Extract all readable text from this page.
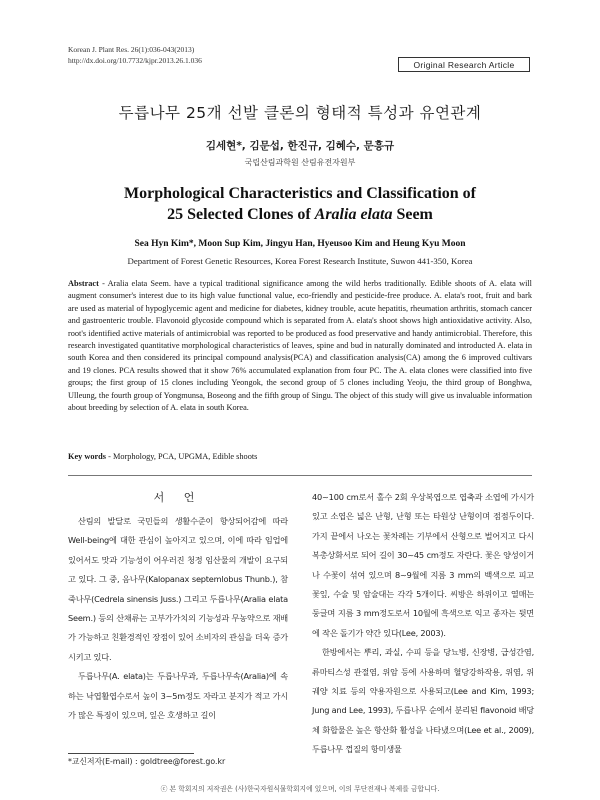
Korean J. Plant Res. 26(1):036-043(2013)
http://dx.doi.org/10.7732/kjpr.2013.26.1.036	Original Research Article
두릅나무 25개 선발 클론의 형태적 특성과 유연관계
김세현*, 김문섭, 한진규, 김혜수, 문흥규
국립산림과학원 산림유전자원부
Morphological Characteristics and Classification of
25 Selected Clones of Aralia elata Seem
Sea Hyn Kim*, Moon Sup Kim, Jingyu Han, Hyeusoo Kim and Heung Kyu Moon
Department of Forest Genetic Resources, Korea Forest Research Institute, Suwon 441-350, Korea
Abstract - Aralia elata Seem. have a typical traditional significance among the wild herbs traditionally. Edible shoots of A. elata will augment consumer's interest due to its high value functional value, eco-friendly and pesticide-free produce. A. elata's root, fruit and bark are used as material of hypoglycemic agent and medicine for diabetes, kidney trouble, acute hepatitis, rheumation arthritis, stomach cancer and gastroenteric trouble. Flavonoid glycoside compound which is separated from A. elata's shoot shows high antioxidative activity. Also, root's identified active materials of antimicrobial was reported to be produced as food preservative and handy antimicrobial. Therefore, this research investigated quantitative morphological characteristics of leaves, spine and bud in naturally dominated and introducted A. elata in south Korea and then considered its principal compound analysis(PCA) and classification analysis(CA) among the 6 improved cultivars and 19 clones. PCA results showed that it show 76% accumulated explanation from four PC. The A. elata clones were classified into five groups; the first group of 15 clones including Yeongok, the second group of 5 clones including Yeoju, the third group of Bonghwa, Ulleung, the fourth group of Yongmunsa, Boseong and the fifth group of Singu. The object of this study will give us invaluable information about breeding by selection of A. elata in south Korea.
Key words - Morphology, PCA, UPGMA, Edible shoots
서 언

산림의 발달로 국민들의 생활수준이 향상되어감에 따라 Well-being에 대한 관심이 높아지고 있으며, 이에 따라 임업에 있어서도 맛과 기능성이 어우러진 청정 임산물의 개발이 요구되고 있다. 그 중, 음나무(Kalopanax septemlobus Thunb.), 참죽나무(Cedrela sinensis Juss.) 그리고 두릅나무(Aralia elata Seem.) 등의 산채류는 고부가가치의 기능성과 무농약으로 재배가 가능하고 친환경적인 장점이 있어 소비자의 관심을 더욱 증가 시키고 있다.

두릅나무(A. elata)는 두릅나무과, 두릅나무속(Aralia)에 속하는 낙엽활엽수로서 높이 3~5m정도 자라고 분지가 적고 가시가 많은 특징이 있으며, 잎은 호생하고 길이

40~100 cm로서 홀수 2회 우상복엽으로 엽축과 소엽에 가시가 있고 소엽은 넓은 난형, 난형 또는 타원상 난형이며 점점두이다. 가지 끝에서 나오는 꽃차례는 기부에서 산형으로 벌어지고 다시 복총상화서로 되어 길이 30~45 cm정도 자란다. 꽃은 양성이거나 수꽃이 섞여 있으며 8~9월에 지름 3 mm의 백색으로 피고 꽃잎, 수술 및 암술대는 각각 5개이다. 씨방은 하위이고 열매는 둥글며 지름 3 mm정도로서 10월에 흑색으로 익고 종자는 뒷면에 작은 돌기가 약간 있다(Lee, 2003).

한방에서는 뿌리, 과실, 수피 등을 당뇨병, 신장병, 급성간염, 류마티스성 관절염, 위암 등에 사용하며 혈당강하작용, 위염, 위궤양 치료 등의 약용자원으로 사용되고(Lee and Kim, 1993; Jung and Lee, 1993), 두릅나무 순에서 분리된 flavonoid 배당체 화합물은 높은 항산화 활성을 나타냈으며(Lee et al., 2009), 두릅나무 껍질의 항미생물

*교신저자(E-mail) : goldtree@forest.go.kr
ⓒ 본 학회지의 저작권은 (사)한국자원식물학회지에 있으며, 이의 무단전재나 복제를 금합니다.
